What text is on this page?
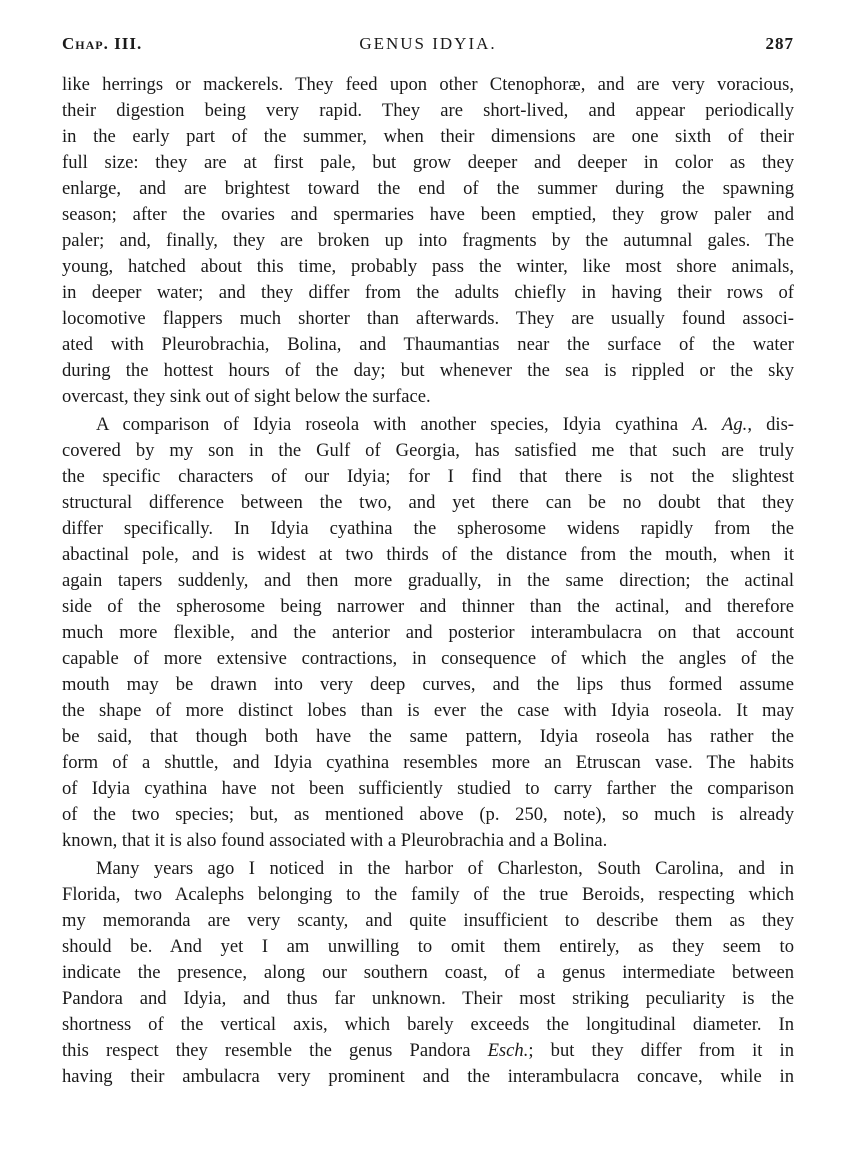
Chap. III.	GENUS IDYIA.	287
like herrings or mackerels. They feed upon other Ctenophoræ, and are very voracious,
their digestion being very rapid. They are short-lived, and appear periodically
in the early part of the summer, when their dimensions are one sixth of their
full size: they are at first pale, but grow deeper and deeper in color as they
enlarge, and are brightest toward the end of the summer during the spawning
season; after the ovaries and spermaries have been emptied, they grow paler and
paler; and, finally, they are broken up into fragments by the autumnal gales. The
young, hatched about this time, probably pass the winter, like most shore animals,
in deeper water; and they differ from the adults chiefly in having their rows of
locomotive flappers much shorter than afterwards. They are usually found associ-
ated with Pleurobrachia, Bolina, and Thaumantias near the surface of the water
during the hottest hours of the day; but whenever the sea is rippled or the sky
overcast, they sink out of sight below the surface.
A comparison of Idyia roseola with another species, Idyia cyathina A. Ag., dis-
covered by my son in the Gulf of Georgia, has satisfied me that such are truly
the specific characters of our Idyia; for I find that there is not the slightest
structural difference between the two, and yet there can be no doubt that they
differ specifically. In Idyia cyathina the spherosome widens rapidly from the
abactinal pole, and is widest at two thirds of the distance from the mouth, when it
again tapers suddenly, and then more gradually, in the same direction; the actinal
side of the spherosome being narrower and thinner than the actinal, and therefore
much more flexible, and the anterior and posterior interambulacra on that account
capable of more extensive contractions, in consequence of which the angles of the
mouth may be drawn into very deep curves, and the lips thus formed assume
the shape of more distinct lobes than is ever the case with Idyia roseola. It may
be said, that though both have the same pattern, Idyia roseola has rather the
form of a shuttle, and Idyia cyathina resembles more an Etruscan vase. The habits
of Idyia cyathina have not been sufficiently studied to carry farther the comparison
of the two species; but, as mentioned above (p. 250, note), so much is already
known, that it is also found associated with a Pleurobrachia and a Bolina.
Many years ago I noticed in the harbor of Charleston, South Carolina, and in
Florida, two Acalephs belonging to the family of the true Beroids, respecting which
my memoranda are very scanty, and quite insufficient to describe them as they
should be. And yet I am unwilling to omit them entirely, as they seem to
indicate the presence, along our southern coast, of a genus intermediate between
Pandora and Idyia, and thus far unknown. Their most striking peculiarity is the
shortness of the vertical axis, which barely exceeds the longitudinal diameter. In
this respect they resemble the genus Pandora Esch.; but they differ from it in
having their ambulacra very prominent and the interambulacra concave, while in
